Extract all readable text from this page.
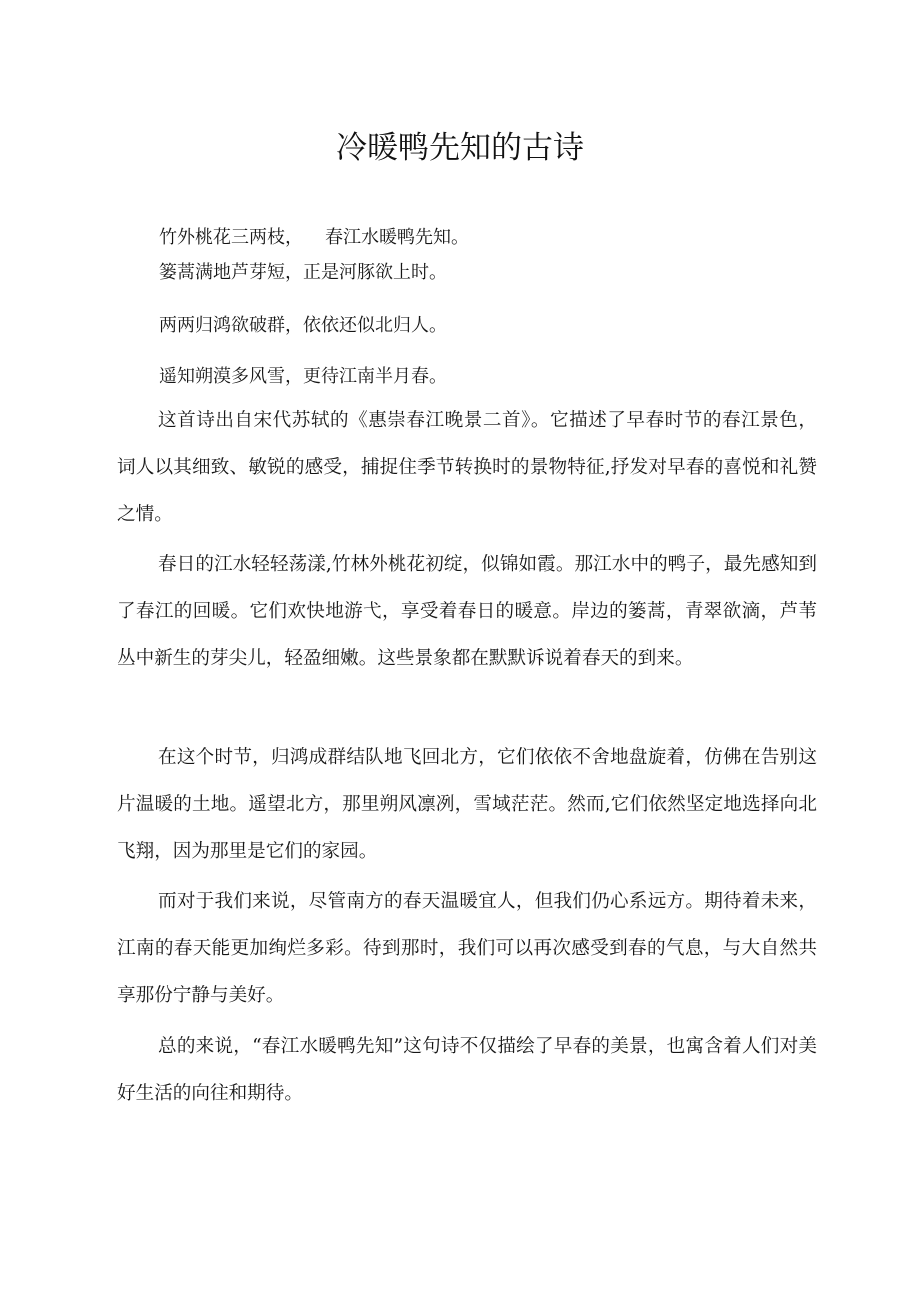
冷暖鸭先知的古诗
竹外桃花三两枝， 春江水暖鸭先知。
篓蒿满地芦芽短，正是河豚欲上时。
两两归鸿欲破群，依依还似北归人。
遥知朔漠多风雪，更待江南半月春。

这首诗出自宋代苏轼的《惠崇春江晚景二首》。它描述了早春时节的春江景色，词人以其细致、敏锐的感受，捕捉住季节转换时的景物特征,抒发对早春的喜悦和礼赞之情。

春日的江水轻轻荡漾,竹林外桃花初绽，似锦如霞。那江水中的鸭子，最先感知到了春江的回暖。它们欢快地游弋，享受着春日的暖意。岸边的篓蒿，青翠欲滴，芦苇丛中新生的芽尖儿，轻盈细嫩。这些景象都在默默诉说着春天的到来。

在这个时节，归鸿成群结队地飞回北方，它们依依不舍地盘旋着，仿佛在告别这片温暖的土地。遥望北方，那里朔风凛冽，雪域茫茫。然而,它们依然坚定地选择向北飞翔，因为那里是它们的家园。

而对于我们来说，尽管南方的春天温暖宜人，但我们仍心系远方。期待着未来，江南的春天能更加绚烂多彩。待到那时，我们可以再次感受到春的气息，与大自然共享那份宁静与美好。

总的来说，“春江水暖鸭先知”这句诗不仅描绘了早春的美景，也寓含着人们对美好生活的向往和期待。
